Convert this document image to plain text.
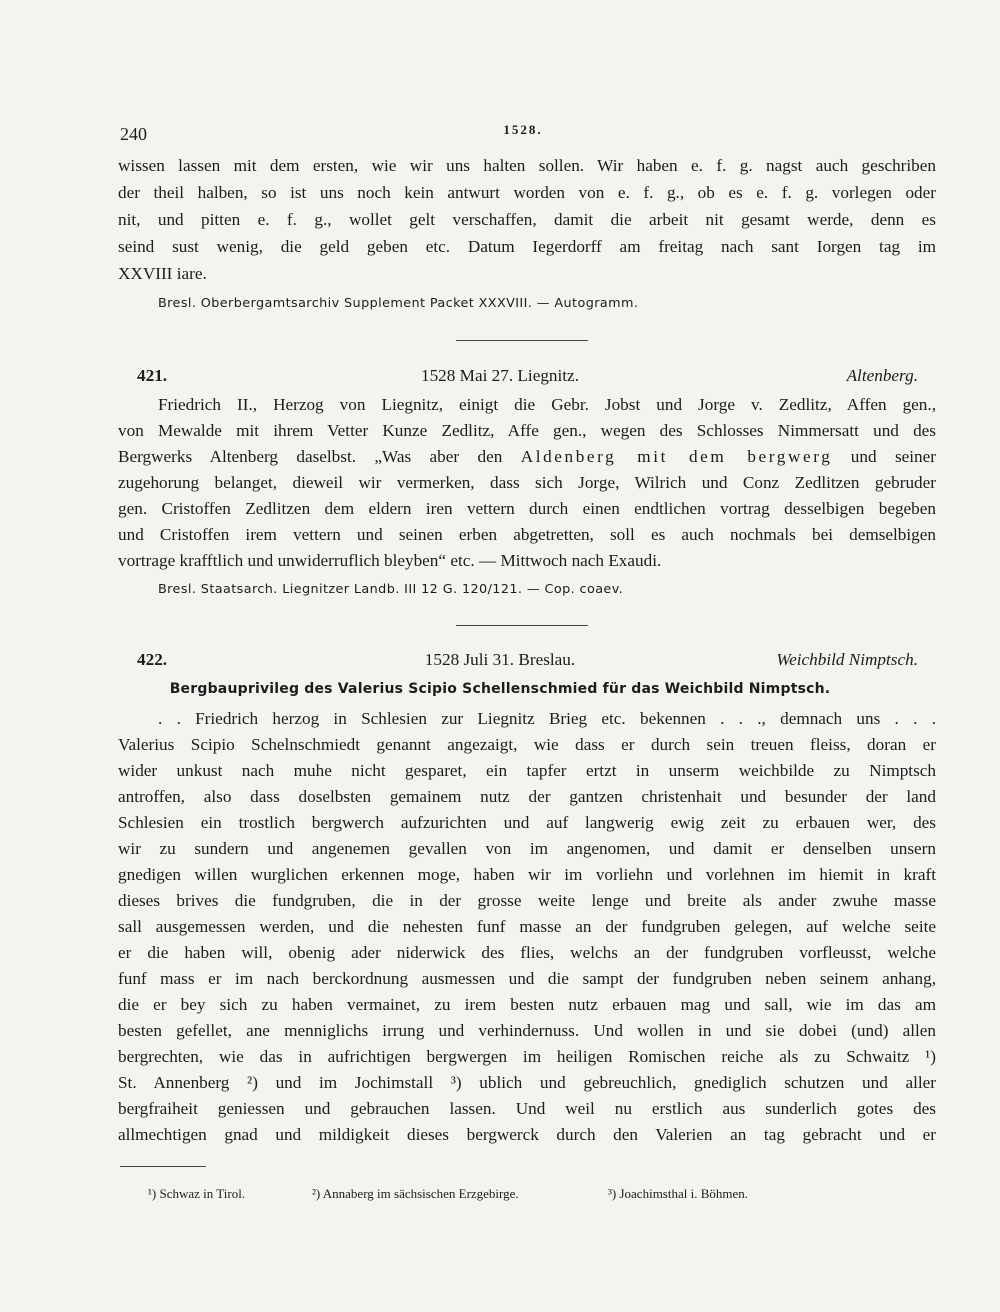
240	1528.
wissen lassen mit dem ersten, wie wir uns halten sollen. Wir haben e. f. g. nagst auch geschriben
der theil halben, so ist uns noch kein antwurt worden von e. f. g., ob es e. f. g. vorlegen oder
nit, und pitten e. f. g., wollet gelt verschaffen, damit die arbeit nit gesamt werde, denn es
seind sust wenig, die geld geben etc. Datum Iegerdorff am freitag nach sant Iorgen tag im
XXVIII iare.
Bresl. Oberbergamtsarchiv Supplement Packet XXXVIII. — Autogramm.
421.	1528 Mai 27. Liegnitz.	Altenberg.
Friedrich II., Herzog von Liegnitz, einigt die Gebr. Jobst und Jorge v. Zedlitz, Affen gen.,
von Mewalde mit ihrem Vetter Kunze Zedlitz, Affe gen., wegen des Schlosses Nimmersatt und des
Bergwerks Altenberg daselbst. „Was aber den Aldenberg mit dem bergwerg und seiner
zugehorung belanget, dieweil wir vermerken, dass sich Jorge, Wilrich und Conz Zedlitzen gebruder
gen. Cristoffen Zedlitzen dem eldern iren vettern durch einen endtlichen vortrag desselbigen begeben
und Cristoffen irem vettern und seinen erben abgetretten, soll es auch nochmals bei demselbigen
vortrage krafftlich und unwiderruflich bleyben“ etc. — Mittwoch nach Exaudi.
Bresl. Staatsarch. Liegnitzer Landb. III 12 G. 120/121. — Cop. coaev.
422.	1528 Juli 31. Breslau.	Weichbild Nimptsch.
Bergbauprivileg des Valerius Scipio Schellenschmied für das Weichbild Nimptsch.
. . Friedrich herzog in Schlesien zur Liegnitz Brieg etc. bekennen . . ., demnach uns . . .
Valerius Scipio Schelnschmiedt genannt angezaigt, wie dass er durch sein treuen fleiss, doran er
wider unkust nach muhe nicht gesparet, ein tapfer ertzt in unserm weichbilde zu Nimptsch
antroffen, also dass doselbsten gemainem nutz der gantzen christenhait und besunder der land
Schlesien ein trostlich bergwerch aufzurichten und auf langwerig ewig zeit zu erbauen wer, des
wir zu sundern und angenemen gevallen von im angenomen, und damit er denselben unsern
gnedigen willen wurglichen erkennen moge, haben wir im vorliehn und vorlehnen im hiemit in kraft
dieses brives die fundgruben, die in der grosse weite lenge und breite als ander zwuhe masse
sall ausgemessen werden, und die nehesten funf masse an der fundgruben gelegen, auf welche seite
er die haben will, obenig ader niderwick des flies, welchs an der fundgruben vorfleusst, welche
funf mass er im nach berckordnung ausmessen und die sampt der fundgruben neben seinem anhang,
die er bey sich zu haben vermainet, zu irem besten nutz erbauen mag und sall, wie im das am
besten gefellet, ane menniglichs irrung und verhindernuss. Und wollen in und sie dobei (und) allen
bergrechten, wie das in aufrichtigen bergwergen im heiligen Romischen reiche als zu Schwaitz ¹)
St. Annenberg ²) und im Jochimstall ³) ublich und gebreuchlich, gnediglich schutzen und aller
bergfraiheit geniessen und gebrauchen lassen. Und weil nu erstlich aus sunderlich gotes des
allmechtigen gnad und mildigkeit dieses bergwerck durch den Valerien an tag gebracht und er
¹) Schwaz in Tirol.	²) Annaberg im sächsischen Erzgebirge.	³) Joachimsthal i. Böhmen.
